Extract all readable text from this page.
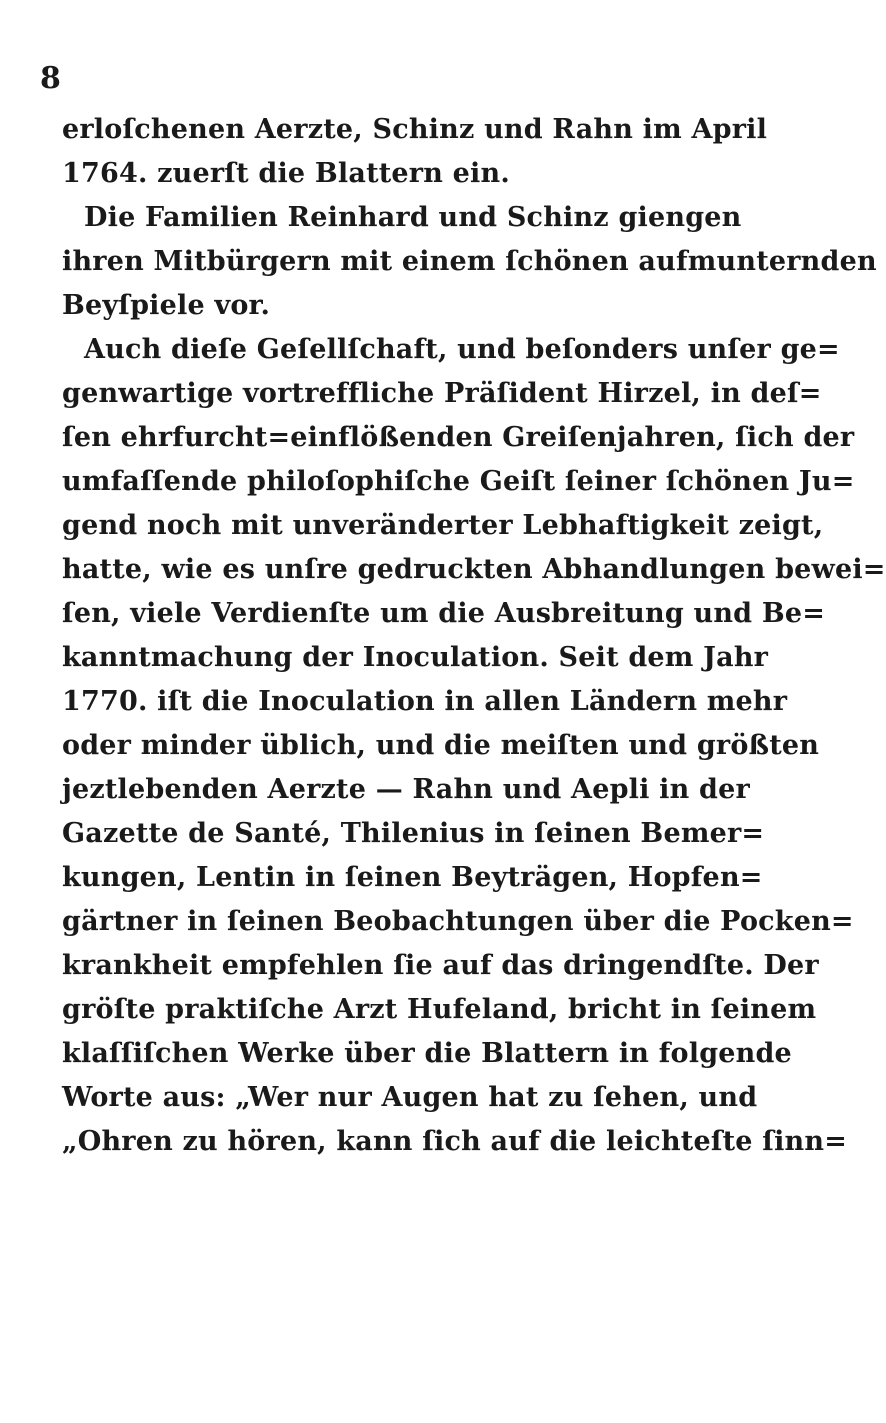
8
erloſchenen Aerzte, Schinz und Rahn im April
1764. zuerſt die Blattern ein.
Die Familien Reinhard und Schinz giengen
ihren Mitbürgern mit einem ſchönen aufmunternden
Beyſpiele vor.
Auch dieſe Geſellſchaft, und beſonders unſer ge=
genwartige vortreffliche Präſident Hirzel, in deſ=
ſen ehrfurcht=einflößenden Greiſenjahren, ſich der
umfaſſende philoſophiſche Geiſt ſeiner ſchönen Ju=
gend noch mit unveränderter Lebhaftigkeit zeigt,
hatte, wie es unſre gedruckten Abhandlungen bewei=
ſen, viele Verdienſte um die Ausbreitung und Be=
kanntmachung der Inoculation. Seit dem Jahr
1770. iſt die Inoculation in allen Ländern mehr
oder minder üblich, und die meiſten und größten
jeztlebenden Aerzte — Rahn und Aepli in der
Gazette de Santé, Thilenius in ſeinen Bemer=
kungen, Lentin in ſeinen Beyträgen, Hopfen=
gärtner in ſeinen Beobachtungen über die Pocken=
krankheit empfehlen ſie auf das dringendſte. Der
gröſte praktiſche Arzt Hufeland, bricht in ſeinem
klaſſiſchen Werke über die Blattern in folgende
Worte aus: „Wer nur Augen hat zu ſehen, und
„Ohren zu hören, kann ſich auf die leichteſte ſinn=
